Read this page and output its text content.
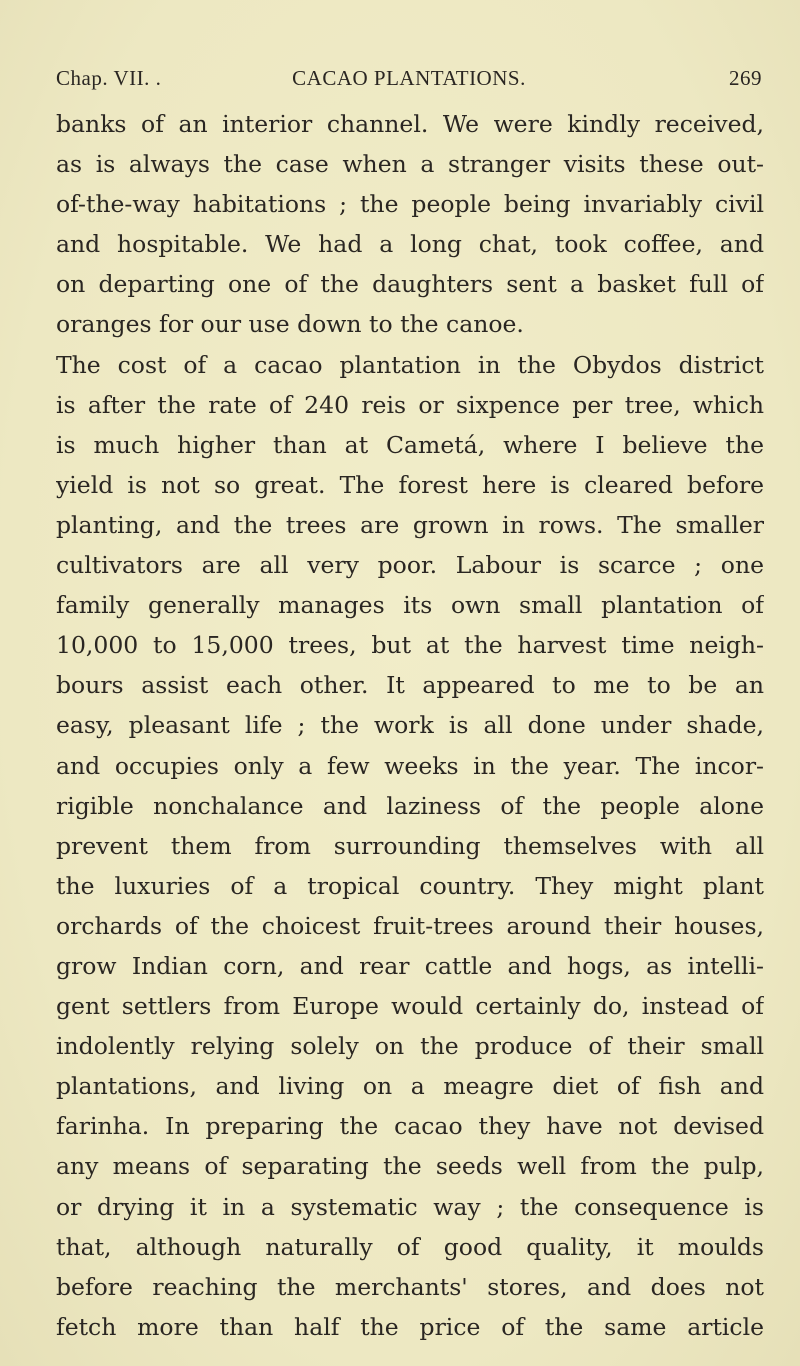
Chap. VII. .	CACAO PLANTATIONS.	269
banks of an interior channel. We were kindly received,
as is always the case when a stranger visits these out-
of-the-way habitations ; the people being invariably civil
and hospitable. We had a long chat, took coffee, and
on departing one of the daughters sent a basket full of
oranges for our use down to the canoe.
The cost of a cacao plantation in the Obydos district
is after the rate of 240 reis or sixpence per tree, which
is much higher than at Cametá, where I believe the
yield is not so great. The forest here is cleared before
planting, and the trees are grown in rows. The smaller
cultivators are all very poor. Labour is scarce ; one
family generally manages its own small plantation of
10,000 to 15,000 trees, but at the harvest time neigh-
bours assist each other. It appeared to me to be an
easy, pleasant life ; the work is all done under shade,
and occupies only a few weeks in the year. The incor-
rigible nonchalance and laziness of the people alone
prevent them from surrounding themselves with all
the luxuries of a tropical country. They might plant
orchards of the choicest fruit-trees around their houses,
grow Indian corn, and rear cattle and hogs, as intelli-
gent settlers from Europe would certainly do, instead of
indolently relying solely on the produce of their small
plantations, and living on a meagre diet of fish and
farinha. In preparing the cacao they have not devised
any means of separating the seeds well from the pulp,
or drying it in a systematic way ; the consequence is
that, although naturally of good quality, it moulds
before reaching the merchants' stores, and does not
fetch more than half the price of the same article
